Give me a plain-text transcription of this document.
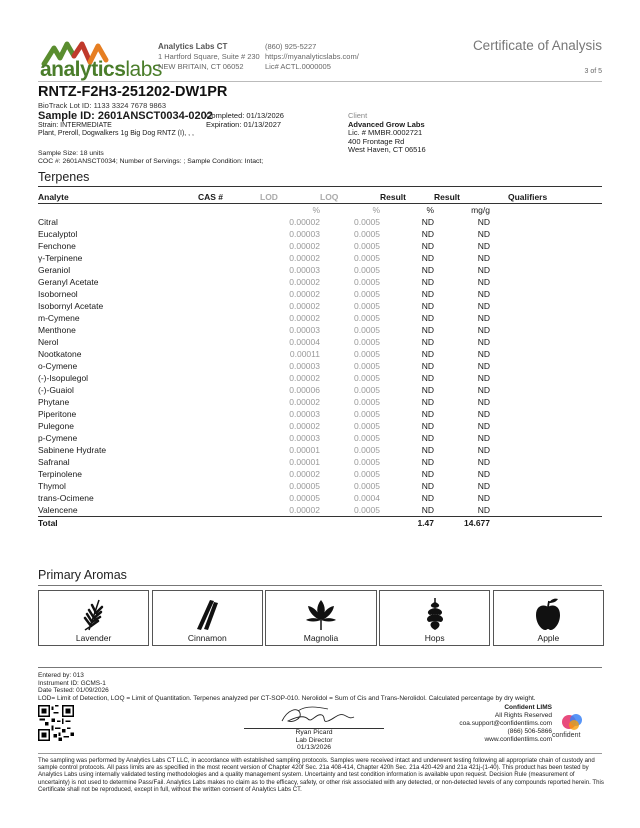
analyticslabs
Analytics Labs CT
1 Hartford Square, Suite # 230
NEW BRITAIN, CT 06052
(860) 925-5227
https://myanalyticslabs.com/
Lic# ACTL.0000005
Certificate of Analysis
3 of 5
RNTZ-F2H3-251202-DW1PR
BioTrack Lot ID: 1133 3324 7678 9863
Sample ID: 2601ANSCT0034-0202
Completed: 01/13/2026
Expiration: 01/13/2027
Strain: INTERMEDIATE
Plant, Preroll, Dogwalkers 1g Big Dog RNTZ (I), , ,
Client
Advanced Grow Labs
Lic. # MMBR.0002721
400 Frontage Rd
West Haven, CT 06516
Sample Size: 18 units
COC #: 2601ANSCT0034; Number of Servings: ; Sample Condition: Intact;
Terpenes
Analyte	CAS #	LOD	LOQ	Result	Result	Qualifiers
		%	%	%	mg/g	
Citral		0.00002	0.0005	ND	ND	
Eucalyptol		0.00003	0.0005	ND	ND	
Fenchone		0.00002	0.0005	ND	ND	
γ-Terpinene		0.00002	0.0005	ND	ND	
Geraniol		0.00003	0.0005	ND	ND	
Geranyl Acetate		0.00002	0.0005	ND	ND	
Isoborneol		0.00002	0.0005	ND	ND	
Isobornyl Acetate		0.00002	0.0005	ND	ND	
m-Cymene		0.00002	0.0005	ND	ND	
Menthone		0.00003	0.0005	ND	ND	
Nerol		0.00004	0.0005	ND	ND	
Nootkatone		0.00011	0.0005	ND	ND	
o-Cymene		0.00003	0.0005	ND	ND	
(-)-Isopulegol		0.00002	0.0005	ND	ND	
(-)-Guaiol		0.00006	0.0005	ND	ND	
Phytane		0.00002	0.0005	ND	ND	
Piperitone		0.00003	0.0005	ND	ND	
Pulegone		0.00002	0.0005	ND	ND	
p-Cymene		0.00003	0.0005	ND	ND	
Sabinene Hydrate		0.00001	0.0005	ND	ND	
Safranal		0.00001	0.0005	ND	ND	
Terpinolene		0.00002	0.0005	ND	ND	
Thymol		0.00005	0.0005	ND	ND	
trans-Ocimene		0.00005	0.0004	ND	ND	
Valencene		0.00002	0.0005	ND	ND	
Total				1.47	14.677	
Primary Aromas
Lavender	Cinnamon	Magnolia	Hops	Apple
Entered by: 013
Instrument ID: GCMS-1
Date Tested: 01/09/2026
LOD= Limit of Detection, LOQ = Limit of Quantitation. Terpenes analyzed per CT-SOP-010. Nerolidol = Sum of Cis and Trans-Nerolidol. Calculated percentage by dry weight.
Ryan Picard
Lab Director
01/13/2026
Confident LIMS
All Rights Reserved
coa.support@confidentlims.com
(866) 506-5866
www.confidentlims.com
confident
The sampling was performed by Analytics Labs CT LLC, in accordance with established sampling protocols. Samples were received intact and underwent testing following all appropriate chain of custody and sample control protocols. All pass limits are as specified in the most recent version of Chapter 420f Sec. 21a 408-414, Chapter 420h Sec. 21a 420-429 and 21a 421j-(1-40). This product has been tested by Analytics Labs using internally validated testing methodologies and a quality management system. Uncertainty and test condition information is available upon request. Decision Rule (measurement of uncertainty) is not used to determine Pass/Fail. Analytics Labs makes no claim as to the efficacy, safety, or other risk associated with any detected, or non-detected levels of any compounds reported herein. This Certificate shall not be reproduced, except in full, without the written consent of Analytics Labs CT.
